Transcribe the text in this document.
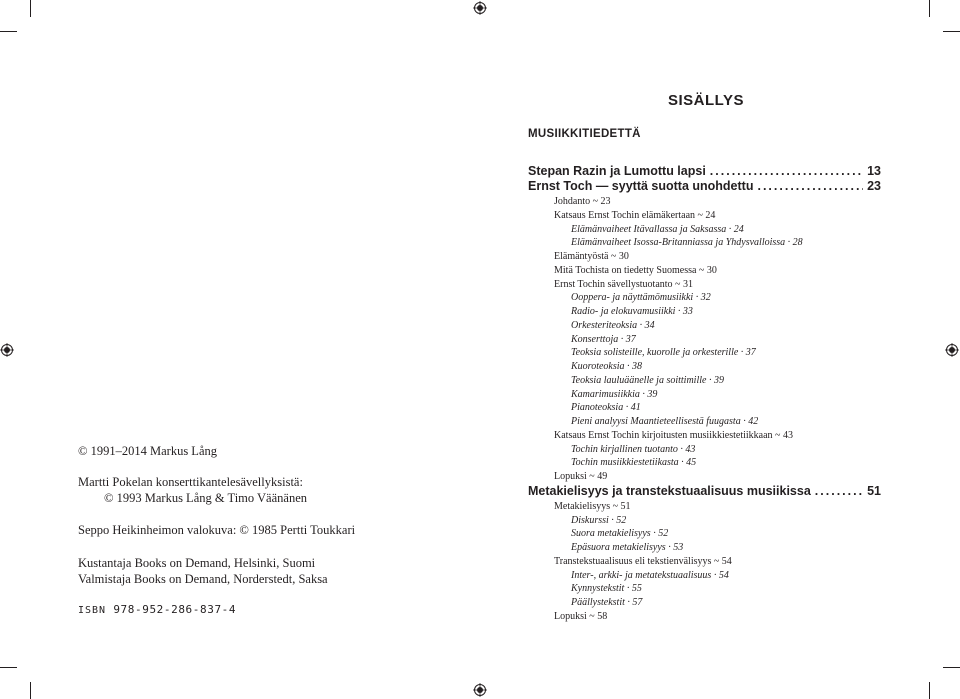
© 1991–2014 Markus Lång
Martti Pokelan konserttikantelesävellyksistä:
© 1993 Markus Lång & Timo Väänänen
Seppo Heikinheimon valokuva: © 1985 Pertti Toukkari
Kustantaja Books on Demand, Helsinki, Suomi
Valmistaja Books on Demand, Norderstedt, Saksa
ISBN 978-952-286-837-4
SISÄLLYS
MUSIIKKITIEDETTÄ
Stepan Razin ja Lumottu lapsi .....	13
Ernst Toch — syyttä suotta unohdettu .....	23
Johdanto ~ 23
Katsaus Ernst Tochin elämäkertaan ~ 24
Elämänvaiheet Itävallassa ja Saksassa · 24
Elämänvaiheet Isossa-Britanniassa ja Yhdysvalloissa · 28
Elämäntyöstä ~ 30
Mitä Tochista on tiedetty Suomessa ~ 30
Ernst Tochin sävellystuotanto ~ 31
Ooppera- ja näyttämömusiikki · 32
Radio- ja elokuvamusiikki · 33
Orkesteriteoksia · 34
Konserttoja · 37
Teoksia solisteille, kuorolle ja orkesterille · 37
Kuoroteoksia · 38
Teoksia lauluäänelle ja soittimille · 39
Kamarimusiikkia · 39
Pianoteoksia · 41
Pieni analyysi Maantieteellisestä fuugasta · 42
Katsaus Ernst Tochin kirjoitusten musiikkiestetiikkaan ~ 43
Tochin kirjallinen tuotanto · 43
Tochin musiikkiestetiikasta · 45
Lopuksi ~ 49
Metakielisyys ja transtekstuaalisuus musiikissa .....	51
Metakielisyys ~ 51
Diskurssi · 52
Suora metakielisyys · 52
Epäsuora metakielisyys · 53
Transtekstuaalisuus eli tekstienvälisyys ~ 54
Inter-, arkki- ja metatekstuaalisuus · 54
Kynnystekstit · 55
Päällystekstit · 57
Lopuksi ~ 58
